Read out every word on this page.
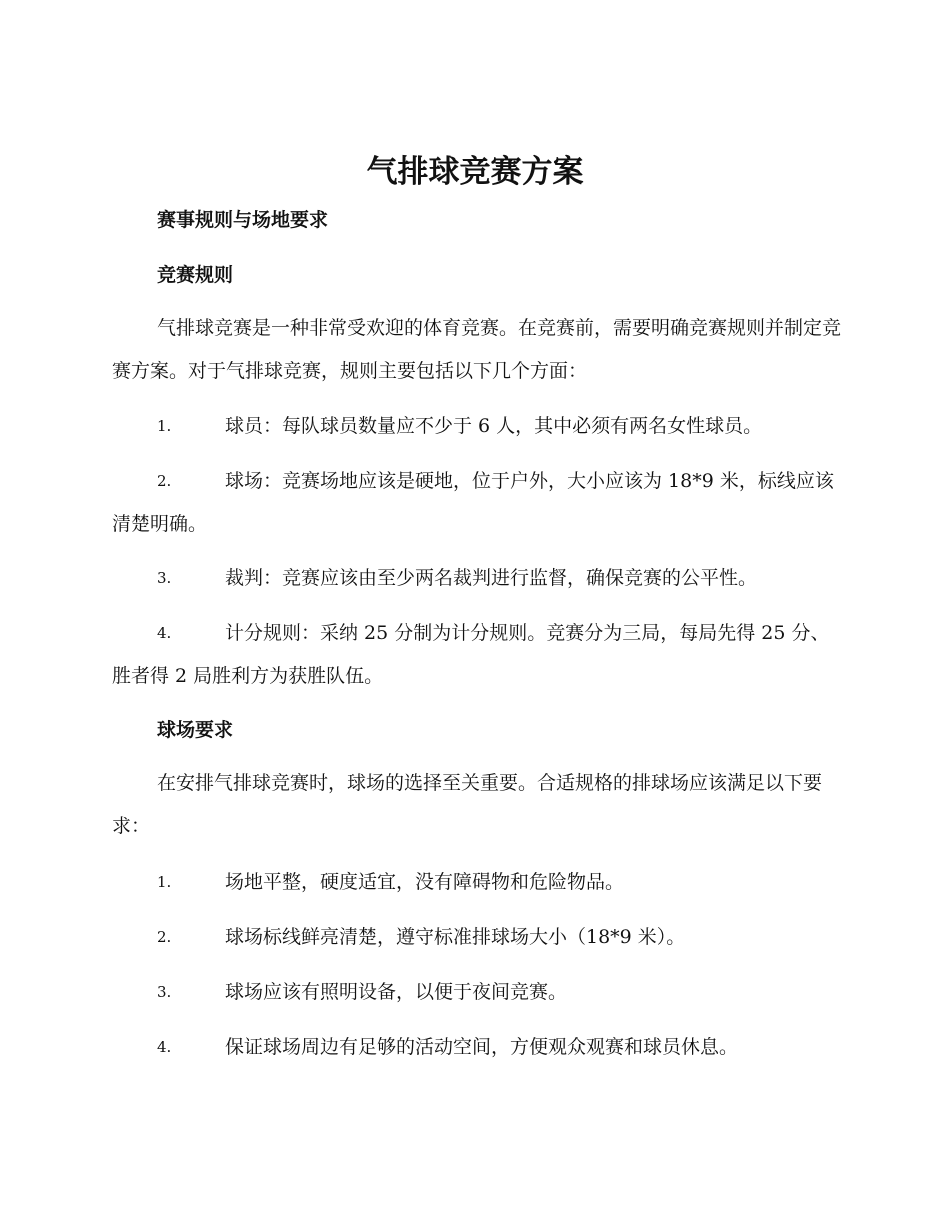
气排球竞赛方案
赛事规则与场地要求
竞赛规则

气排球竞赛是一种非常受欢迎的体育竞赛。在竞赛前，需要明确竞赛规则并制定竞赛方案。对于气排球竞赛，规则主要包括以下几个方面：

1.	球员：每队球员数量应不少于 6 人，其中必须有两名女性球员。
2.	球场：竞赛场地应该是硬地，位于户外，大小应该为 18*9 米，标线应该清楚明确。
3.	裁判：竞赛应该由至少两名裁判进行监督，确保竞赛的公平性。
4.	计分规则：采纳 25 分制为计分规则。竞赛分为三局，每局先得 25 分、胜者得 2 局胜利方为获胜队伍。
球场要求

在安排气排球竞赛时，球场的选择至关重要。合适规格的排球场应该满足以下要求：

1.	场地平整，硬度适宜，没有障碍物和危险物品。
2.	球场标线鲜亮清楚，遵守标准排球场大小（18*9 米）。
3.	球场应该有照明设备，以便于夜间竞赛。
4.	保证球场周边有足够的活动空间，方便观众观赛和球员休息。
